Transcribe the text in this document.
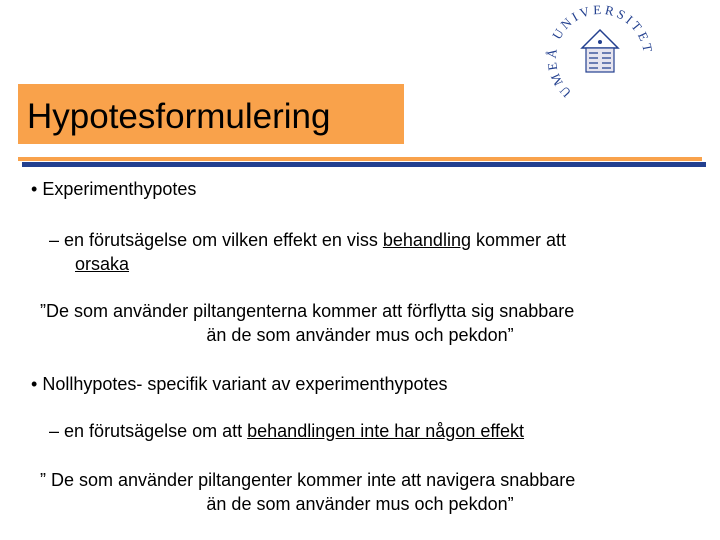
UMEÅ UNIVERSITET
Hypotesformulering
• Experimenthypotes
– en förutsägelse om vilken effekt en viss behandling kommer att
orsaka
”De som använder piltangenterna kommer att förflytta sig snabbare
än de som använder mus och pekdon”
• Nollhypotes- specifik variant av experimenthypotes
– en förutsägelse om att behandlingen inte har någon effekt
” De som använder piltangenter kommer inte att navigera snabbare
än de som använder mus och pekdon”
